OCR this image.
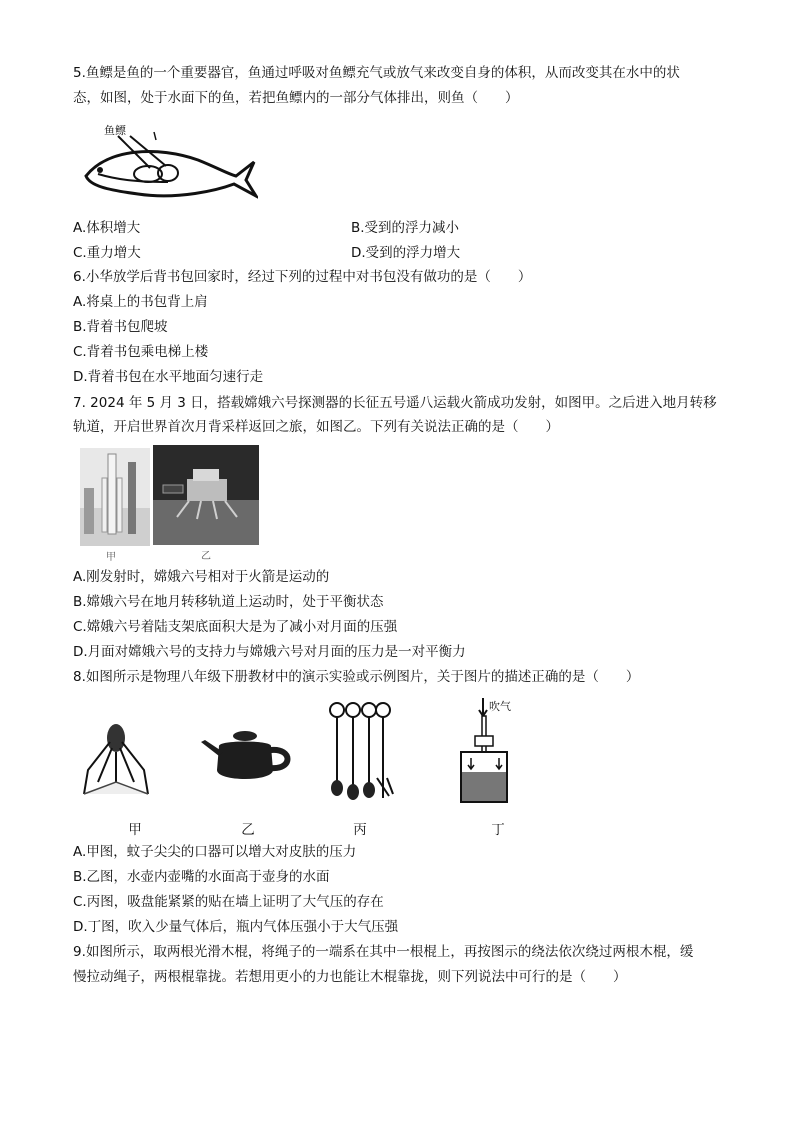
5.鱼鳔是鱼的一个重要器官，鱼通过呼吸对鱼鳔充气或放气来改变自身的体积，从而改变其在水中的状
态，如图，处于水面下的鱼，若把鱼鳔内的一部分气体排出，则鱼（　　）
鱼鳔
A.体积增大	B.受到的浮力减小
C.重力增大	D.受到的浮力增大
6.小华放学后背书包回家时，经过下列的过程中对书包没有做功的是（　　）
A.将桌上的书包背上肩
B.背着书包爬坡
C.背着书包乘电梯上楼
D.背着书包在水平地面匀速行走
7. 2024 年 5 月 3 日，搭载嫦娥六号探测器的长征五号遥八运载火箭成功发射，如图甲。之后进入地月转移
轨道，开启世界首次月背采样返回之旅，如图乙。下列有关说法正确的是（　　）
甲	乙
A.刚发射时，嫦娥六号相对于火箭是运动的
B.嫦娥六号在地月转移轨道上运动时，处于平衡状态
C.嫦娥六号着陆支架底面积大是为了减小对月面的压强
D.月面对嫦娥六号的支持力与嫦娥六号对月面的压力是一对平衡力
8.如图所示是物理八年级下册教材中的演示实验或示例图片，关于图片的描述正确的是（　　）
吹气
甲	乙	丙	丁
A.甲图，蚊子尖尖的口器可以增大对皮肤的压力
B.乙图，水壶内壶嘴的水面高于壶身的水面
C.丙图，吸盘能紧紧的贴在墙上证明了大气压的存在
D.丁图，吹入少量气体后，瓶内气体压强小于大气压强
9.如图所示，取两根光滑木棍，将绳子的一端系在其中一根棍上，再按图示的绕法依次绕过两根木棍，缓
慢拉动绳子，两根棍靠拢。若想用更小的力也能让木棍靠拢，则下列说法中可行的是（　　）
